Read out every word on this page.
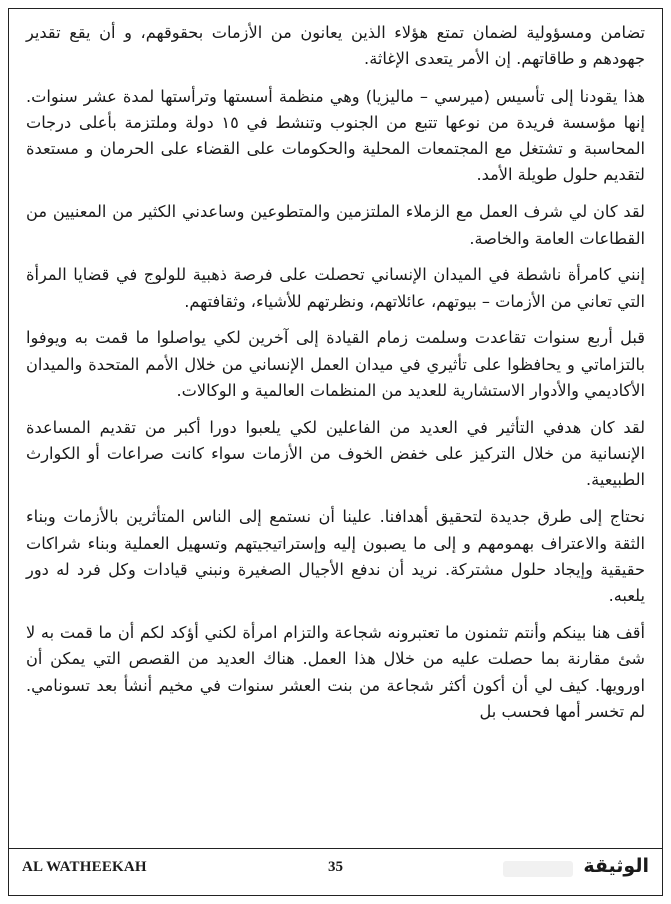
تضامن ومسؤولية لضمان تمتع هؤلاء الذين يعانون من الأزمات بحقوقهم، و أن يقع تقدير جهودهم و طاقاتهم. إن الأمر يتعدى الإغاثة.

هذا يقودنا إلى تأسيس (ميرسي – ماليزيا) وهي منظمة أسستها وترأستها لمدة عشر سنوات. إنها مؤسسة فريدة من نوعها تتبع من الجنوب وتنشط في ١٥ دولة وملتزمة بأعلى درجات المحاسبة و تشتغل مع المجتمعات المحلية والحكومات على القضاء على الحرمان و مستعدة لتقديم حلول طويلة الأمد.

لقد كان لي شرف العمل مع الزملاء الملتزمين والمتطوعين وساعدني الكثير من المعنيين من القطاعات العامة والخاصة.

إنني كامرأة ناشطة في الميدان الإنساني تحصلت على فرصة ذهبية للولوج في قضايا المرأة التي تعاني من الأزمات – بيوتهم، عائلاتهم، ونظرتهم للأشياء، وثقافتهم.

قبل أربع سنوات تقاعدت وسلمت زمام القيادة إلى آخرين لكي يواصلوا ما قمت به ويوفوا بالتزاماتي و يحافظوا على تأثيري في ميدان العمل الإنساني من خلال الأمم المتحدة والميدان الأكاديمي والأدوار الاستشارية للعديد من المنظمات العالمية و الوكالات.

لقد كان هدفي التأثير في العديد من الفاعلين لكي يلعبوا دورا أكبر من تقديم المساعدة الإنسانية من خلال التركيز على خفض الخوف من الأزمات سواء كانت صراعات أو الكوارث الطبيعية.

نحتاج إلى طرق جديدة لتحقيق أهدافنا. علينا أن نستمع إلى الناس المتأثرين بالأزمات وبناء الثقة والاعتراف بهمومهم و إلى ما يصبون إليه وإستراتيجيتهم وتسهيل العملية وبناء شراكات حقيقية وإيجاد حلول مشتركة. نريد أن ندفع الأجيال الصغيرة ونبني قيادات وكل فرد له دور يلعبه.

أقف هنا بينكم وأنتم تثمنون ما تعتبرونه شجاعة والتزام امرأة لكني أؤكد لكم أن ما قمت به لا شئ مقارنة بما حصلت عليه من خلال هذا العمل. هناك العديد من القصص التي يمكن أن اورويها. كيف لي أن أكون أكثر شجاعة من بنت العشر سنوات في مخيم أنشأ بعد تسونامي. لم تخسر أمها فحسب بل

AL WATHEEKAH	35	الوثيقة
